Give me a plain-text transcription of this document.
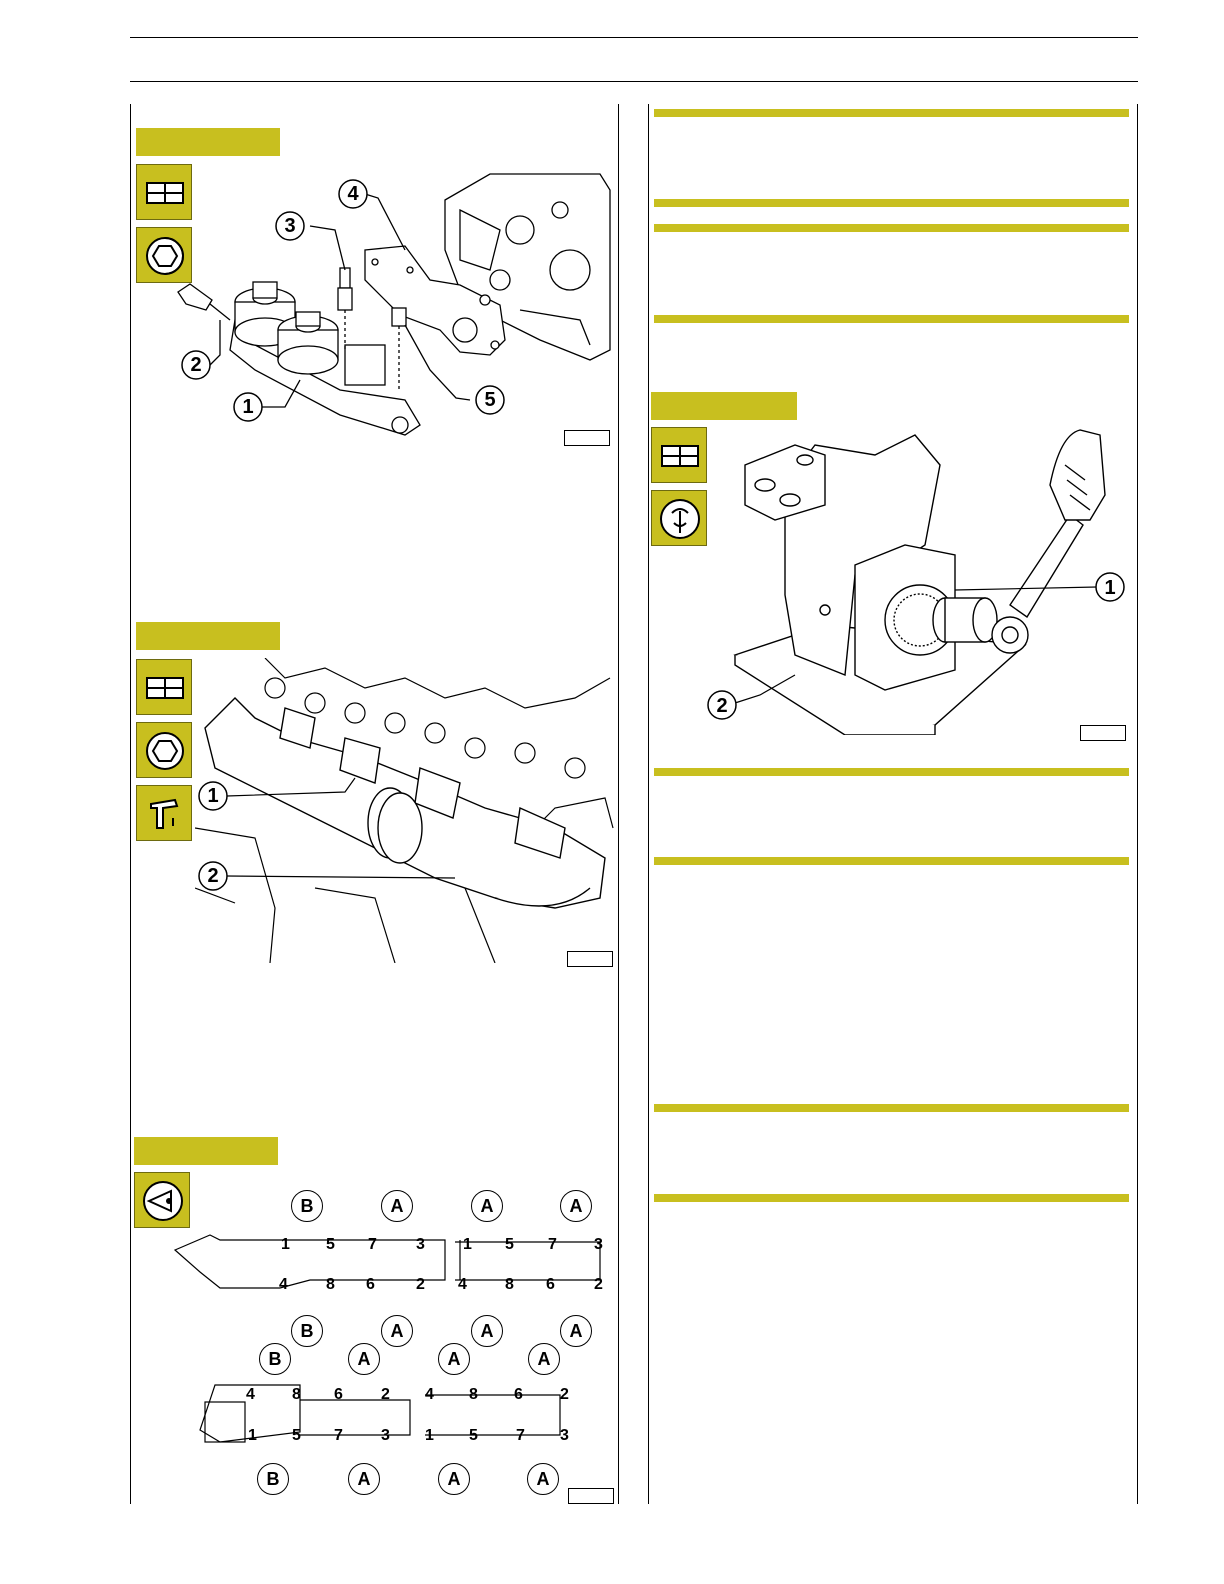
3
4
2
1	5
1
2
B	A	A	A
B	A	A	A
1 5 7 3 1 5 7 3
4 8 6	2 4 8 6 2
B	A	A	A
B	A	A	A
4 8 6 2 4 8 6 2
1 5 7 3 1 5 7 3
1
2
